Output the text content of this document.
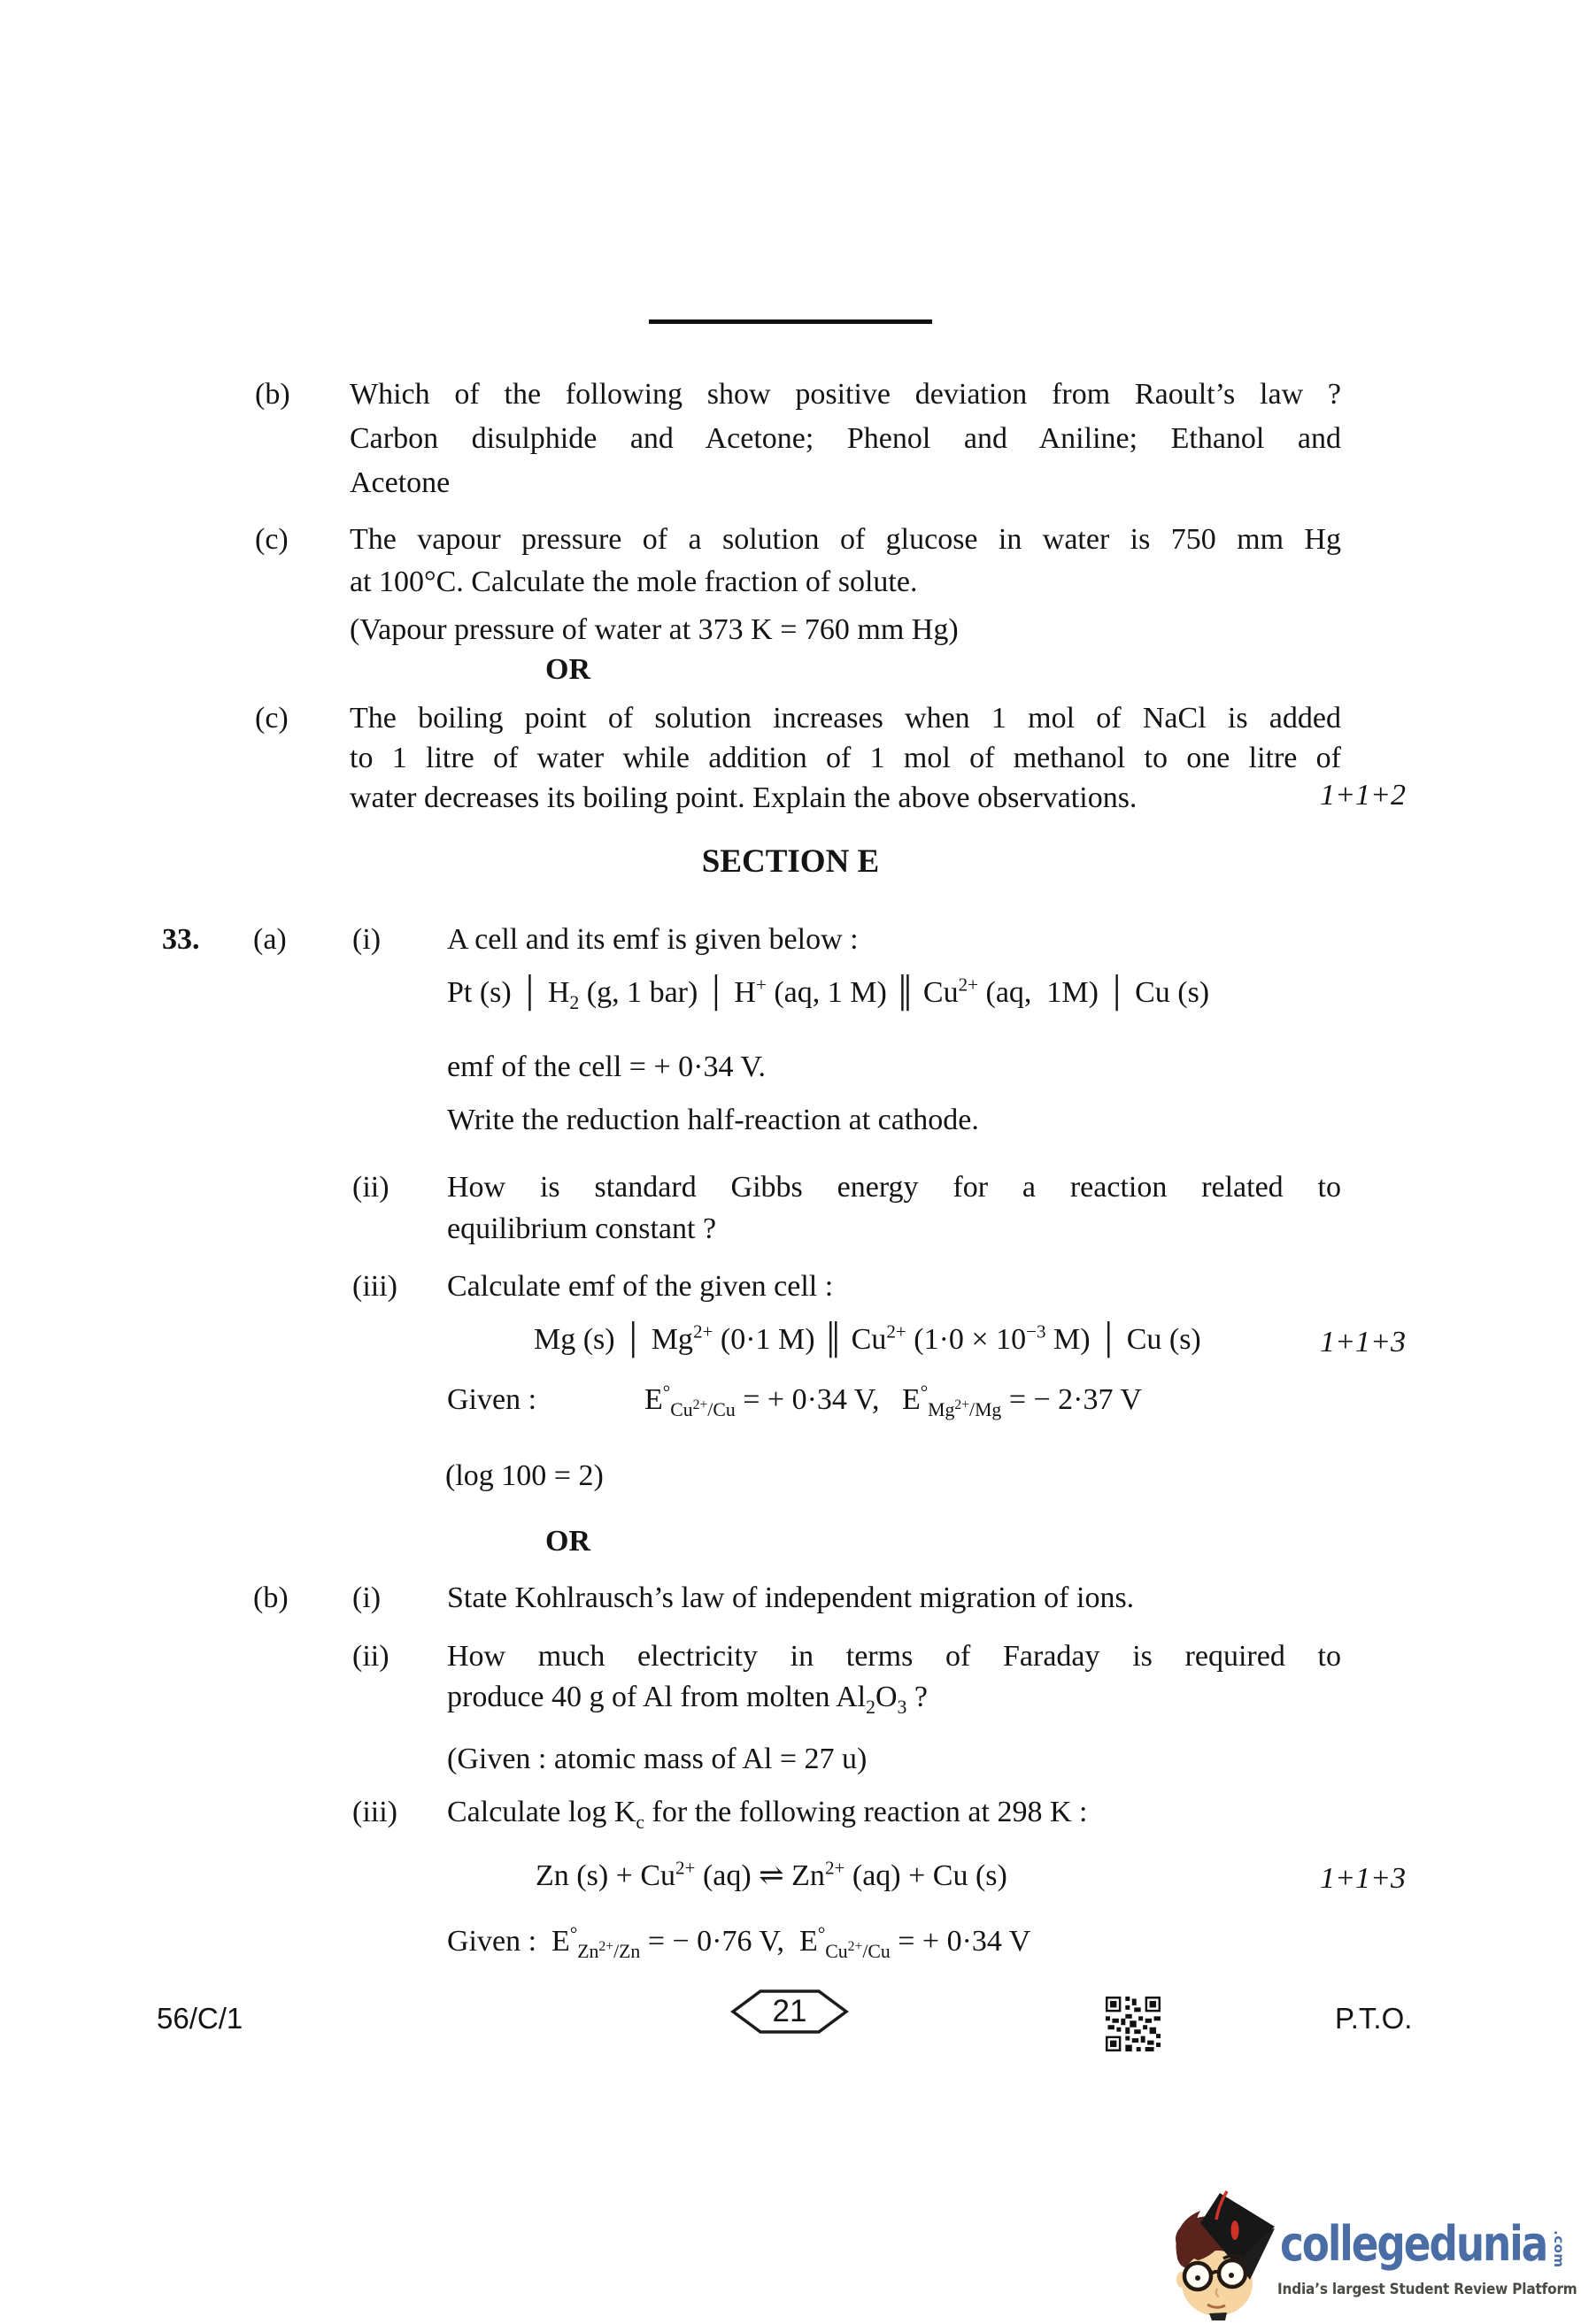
(b) Which of the following show positive deviation from Raoult’s law ?
Carbon disulphide and Acetone; Phenol and Aniline; Ethanol and
Acetone
(c) The vapour pressure of a solution of glucose in water is 750 mm Hg
at 100°C. Calculate the mole fraction of solute.
(Vapour pressure of water at 373 K = 760 mm Hg)
OR
(c) The boiling point of solution increases when 1 mol of NaCl is added
to 1 litre of water while addition of 1 mol of methanol to one litre of
water decreases its boiling point. Explain the above observations.	1+1+2
SECTION E
33. (a) (i) A cell and its emf is given below :
Pt (s) │ $H_2$ (g, 1 bar) │ H+ (aq, 1 M) ║ $Cu^{2+}$ (aq,  1M) │ Cu (s)
emf of the cell = + 0·34 V.
Write the reduction half-reaction at cathode.
(ii) How is standard Gibbs energy for a reaction related to
equilibrium constant ?
(iii) Calculate emf of the given cell :
Mg (s) │ $Mg^{2+}$ (0·1 M) ║ $Cu^{2+}$ ($1\cdot 0 \times 10^{-3}$ M) │ Cu (s)	1+1+3
Given :	$E^\circ_{Cu^{2+}/Cu}$ = + 0·34 V,   $E^\circ_{Mg^{2+}/Mg}$ = − 2·37 V
(log 100 = 2)
OR
(b) (i) State Kohlrausch’s law of independent migration of ions.
(ii) How much electricity in terms of Faraday is required to
produce 40 g of Al from molten $Al_2O_3$ ?
(Given : atomic mass of Al = 27 u)
(iii) Calculate $\log K_c$ for the following reaction at 298 K :
Zn $(s) + Cu^{2+}$ (aq) ⇌ $Zn^{2+}$ (aq) + Cu (s)	1+1+3
Given :  $E^\circ_{Zn^{2+}/Zn}$ = − 0·76 V,  $E^\circ_{Cu^{2+}/Cu}$ = + 0·34 V
56/C/1	21	P.T.O.
collegedunia .com
India’s largest Student Review Platform
